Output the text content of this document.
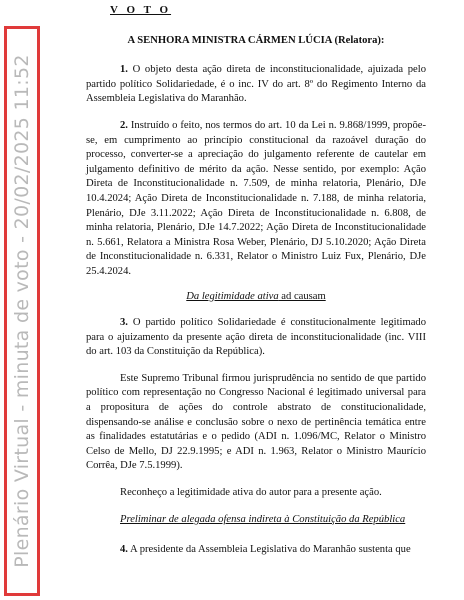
Plenário Virtual - minuta de voto - 20/02/2025 11:52
V O T O
A SENHORA MINISTRA CÁRMEN LÚCIA (Relatora):

1. O objeto desta ação direta de inconstitucionalidade, ajuizada pelo partido político Solidariedade, é o inc. IV do art. 8º do Regimento Interno da Assembleia Legislativa do Maranhão.

2. Instruído o feito, nos termos do art. 10 da Lei n. 9.868/1999, propõe-se, em cumprimento ao princípio constitucional da razoável duração do processo, converter-se a apreciação do julgamento referente de cautelar em julgamento definitivo de mérito da ação. Nesse sentido, por exemplo: Ação Direta de Inconstitucionalidade n. 7.509, de minha relatoria, Plenário, DJe 10.4.2024; Ação Direta de Inconstitucionalidade n. 7.188, de minha relatoria, Plenário, DJe 3.11.2022; Ação Direta de Inconstitucionalidade n. 6.808, de minha relatoria, Plenário, DJe 14.7.2022; Ação Direta de Inconstitucionalidade n. 5.661, Relatora a Ministra Rosa Weber, Plenário, DJ 5.10.2020; Ação Direta de Inconstitucionalidade n. 6.331, Relator o Ministro Luiz Fux, Plenário, DJe 25.4.2024.

Da legitimidade ativa ad causam

3. O partido político Solidariedade é constitucionalmente legitimado para o ajuizamento da presente ação direta de inconstitucionalidade (inc. VIII do art. 103 da Constituição da República).

Este Supremo Tribunal firmou jurisprudência no sentido de que partido político com representação no Congresso Nacional é legitimado universal para a propositura de ações do controle abstrato de constitucionalidade, dispensando-se análise e conclusão sobre o nexo de pertinência temática entre as finalidades estatutárias e o pedido (ADI n. 1.096/MC, Relator o Ministro Celso de Mello, DJ 22.9.1995; e ADI n. 1.963, Relator o Ministro Maurício Corrêa, DJe 7.5.1999).

Reconheço a legitimidade ativa do autor para a presente ação.

Preliminar de alegada ofensa indireta à Constituição da República

4. A presidente da Assembleia Legislativa do Maranhão sustenta que
